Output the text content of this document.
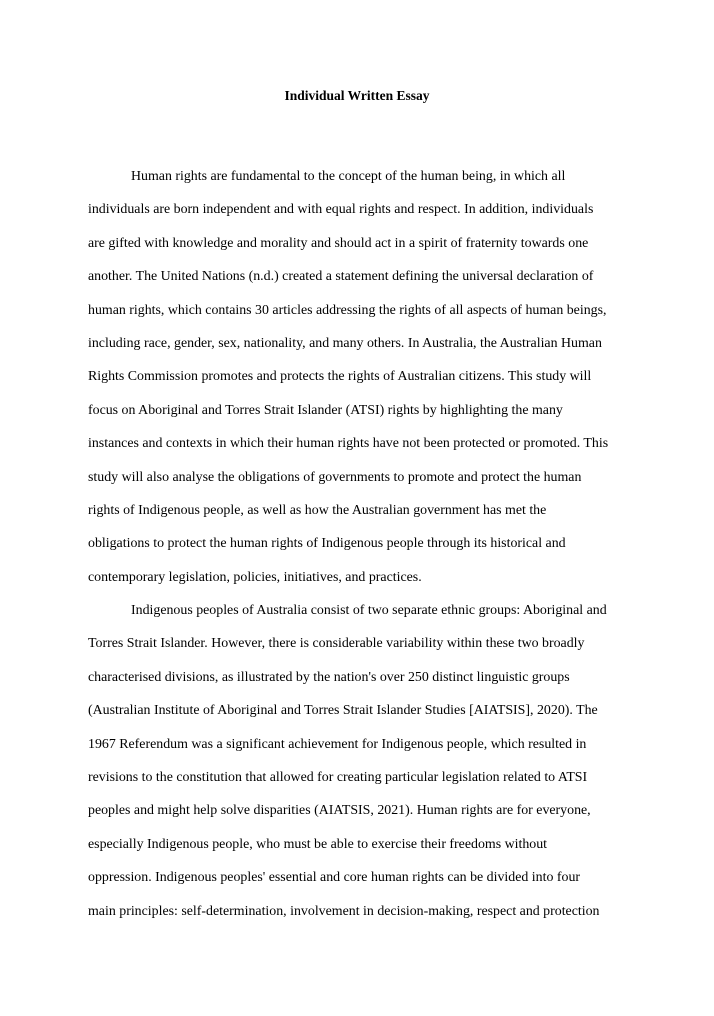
Individual Written Essay
Human rights are fundamental to the concept of the human being, in which all
individuals are born independent and with equal rights and respect. In addition, individuals
are gifted with knowledge and morality and should act in a spirit of fraternity towards one
another. The United Nations (n.d.) created a statement defining the universal declaration of
human rights, which contains 30 articles addressing the rights of all aspects of human beings,
including race, gender, sex, nationality, and many others. In Australia, the Australian Human
Rights Commission promotes and protects the rights of Australian citizens. This study will
focus on Aboriginal and Torres Strait Islander (ATSI) rights by highlighting the many
instances and contexts in which their human rights have not been protected or promoted. This
study will also analyse the obligations of governments to promote and protect the human
rights of Indigenous people, as well as how the Australian government has met the
obligations to protect the human rights of Indigenous people through its historical and
contemporary legislation, policies, initiatives, and practices.
Indigenous peoples of Australia consist of two separate ethnic groups: Aboriginal and
Torres Strait Islander. However, there is considerable variability within these two broadly
characterised divisions, as illustrated by the nation's over 250 distinct linguistic groups
(Australian Institute of Aboriginal and Torres Strait Islander Studies [AIATSIS], 2020). The
1967 Referendum was a significant achievement for Indigenous people, which resulted in
revisions to the constitution that allowed for creating particular legislation related to ATSI
peoples and might help solve disparities (AIATSIS, 2021). Human rights are for everyone,
especially Indigenous people, who must be able to exercise their freedoms without
oppression. Indigenous peoples' essential and core human rights can be divided into four
main principles: self-determination, involvement in decision-making, respect and protection
